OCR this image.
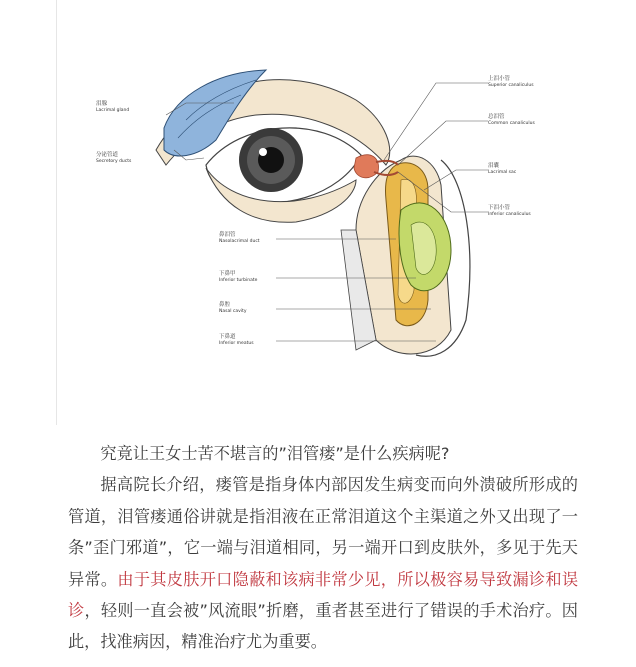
泪腺
Lacrimal gland
分泌管道
Secretory ducts
上泪小管
Superior canaliculus
总泪管
Common canaliculus
泪囊
Lacrimal sac
下泪小管
Inferior canaliculus
鼻泪管
Nasolacrimal duct
下鼻甲
Inferior turbinate
鼻腔
Nasal cavity
下鼻道
Inferior meatus

究竟让王女士苦不堪言的”泪管瘘”是什么疾病呢?

据高院长介绍，瘘管是指身体内部因发生病变而向外溃破所形成的管道，泪管瘘通俗讲就是指泪液在正常泪道这个主渠道之外又出现了一条”歪门邪道”，它一端与泪道相同，另一端开口到皮肤外，多见于先天异常。由于其皮肤开口隐蔽和该病非常少见，所以极容易导致漏诊和误诊，轻则一直会被”风流眼”折磨，重者甚至进行了错误的手术治疗。因此，找准病因，精准治疗尤为重要。
